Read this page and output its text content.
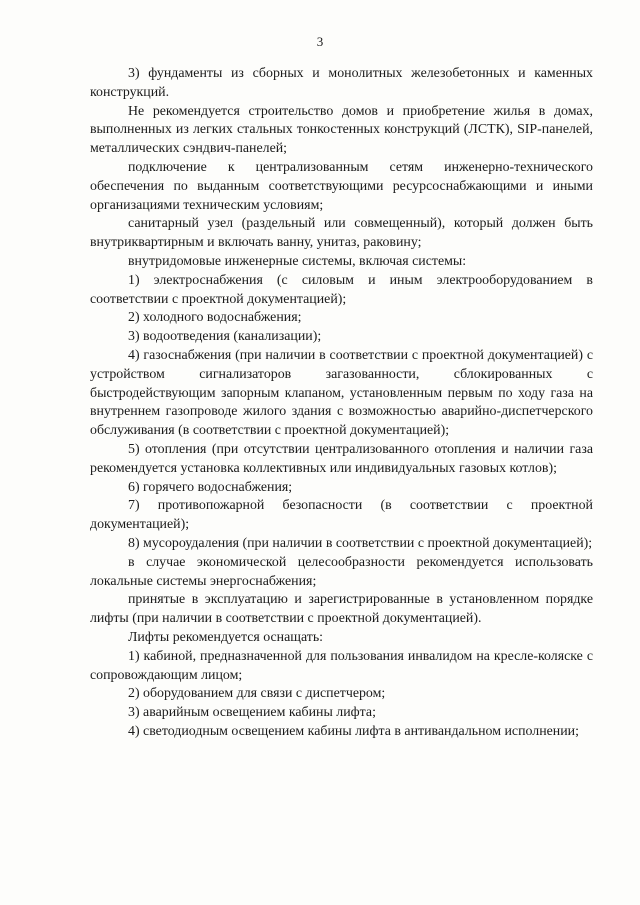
3

3) фундаменты из сборных и монолитных железобетонных и каменных конструкций.

Не рекомендуется строительство домов и приобретение жилья в домах, выполненных из легких стальных тонкостенных конструкций (ЛСТК), SIP-панелей, металлических сэндвич-панелей;

подключение к централизованным сетям инженерно-технического обеспечения по выданным соответствующими ресурсоснабжающими и иными организациями техническим условиям;

санитарный узел (раздельный или совмещенный), который должен быть внутриквартирным и включать ванну, унитаз, раковину;

внутридомовые инженерные системы, включая системы:

1) электроснабжения (с силовым и иным электрооборудованием в соответствии с проектной документацией);

2) холодного водоснабжения;

3) водоотведения (канализации);

4) газоснабжения (при наличии в соответствии с проектной документацией) с устройством сигнализаторов загазованности, сблокированных с быстродействующим запорным клапаном, установленным первым по ходу газа на внутреннем газопроводе жилого здания с возможностью аварийно-диспетчерского обслуживания (в соответствии с проектной документацией);

5) отопления (при отсутствии централизованного отопления и наличии газа рекомендуется установка коллективных или индивидуальных газовых котлов);

6) горячего водоснабжения;

7) противопожарной безопасности (в соответствии с проектной документацией);

8) мусороудаления (при наличии в соответствии с проектной документацией);

в случае экономической целесообразности рекомендуется использовать локальные системы энергоснабжения;

принятые в эксплуатацию и зарегистрированные в установленном порядке лифты (при наличии в соответствии с проектной документацией).

Лифты рекомендуется оснащать:

1) кабиной, предназначенной для пользования инвалидом на кресле-коляске с сопровождающим лицом;

2) оборудованием для связи с диспетчером;

3) аварийным освещением кабины лифта;

4) светодиодным освещением кабины лифта в антивандальном исполнении;
